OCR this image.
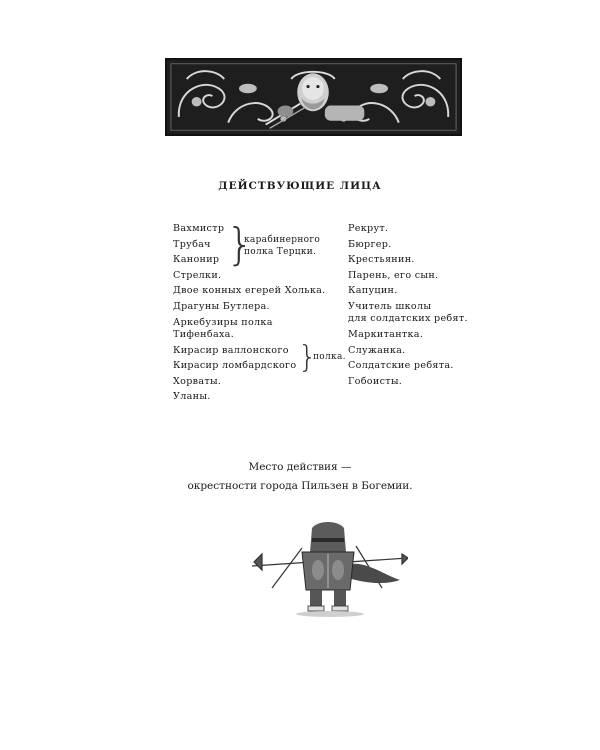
ДЕЙСТВУЮЩИЕ ЛИЦА
Вахмистр
Трубач
Канонир }
карабинерного
полка Терцки.
Стрелки.
Двое конных егерей Холька.
Драгуны Бутлера.
Аркебузиры полка
Тифенбаха.
Кирасир валлонского
Кирасир ломбардского }
полка.
Хорваты.
Уланы.
Рекрут.
Бюргер.
Крестьянин.
Парень, его сын.
Капуцин.
Учитель школы
для солдатских ребят.
Маркитантка.
Служанка.
Солдатские ребята.
Гобоисты.
Место действия —
окрестности города Пильзен в Богемии.
